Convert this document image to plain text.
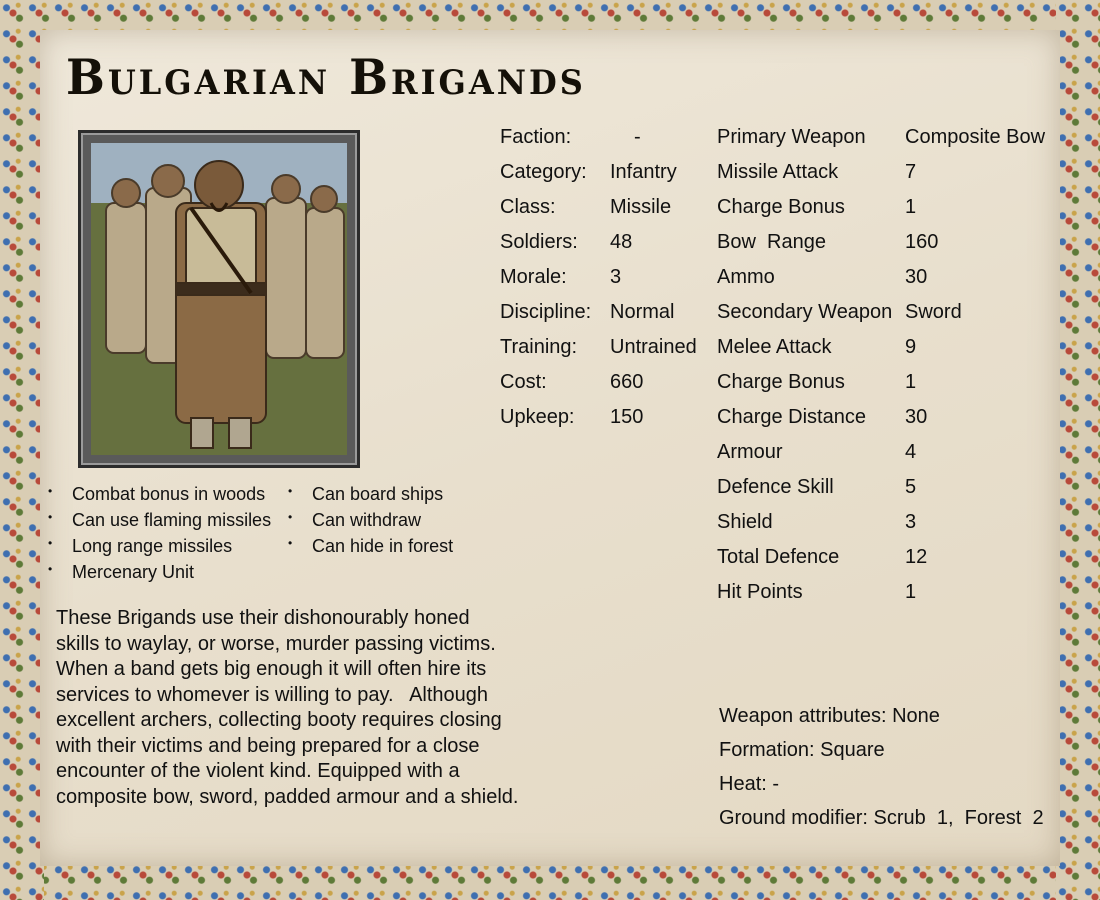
Bulgarian Brigands
Faction:	-
Category: Infantry
Class:	Missile
Soldiers: 48
Morale: 3
Discipline: Normal
Training: Untrained
Cost:	660
Upkeep: 150
Primary Weapon Composite Bow
Missile Attack	7
Charge Bonus	1
Bow  Range	160
Ammo	30
Secondary Weapon Sword
Melee Attack	9
Charge Bonus	1
Charge Distance 30
Armour	4
Defence Skill	5
Shield	3
Total Defence	12
Hit Points	1
• Combat bonus in woods
• Can use flaming missiles
• Long range missiles
• Mercenary Unit
• Can board ships
• Can withdraw
• Can hide in forest

These Brigands use their dishonourably honed

skills to waylay, or worse, murder passing victims.

When a band gets big enough it will often hire its

services to whomever is willing to pay.   Although

excellent archers, collecting booty requires closing

with their victims and being prepared for a close

encounter of the violent kind. Equipped with a

composite bow, sword, padded armour and a shield.

Weapon attributes: None
Formation: Square
Heat: -
Ground modifier: Scrub  1,  Forest  2
